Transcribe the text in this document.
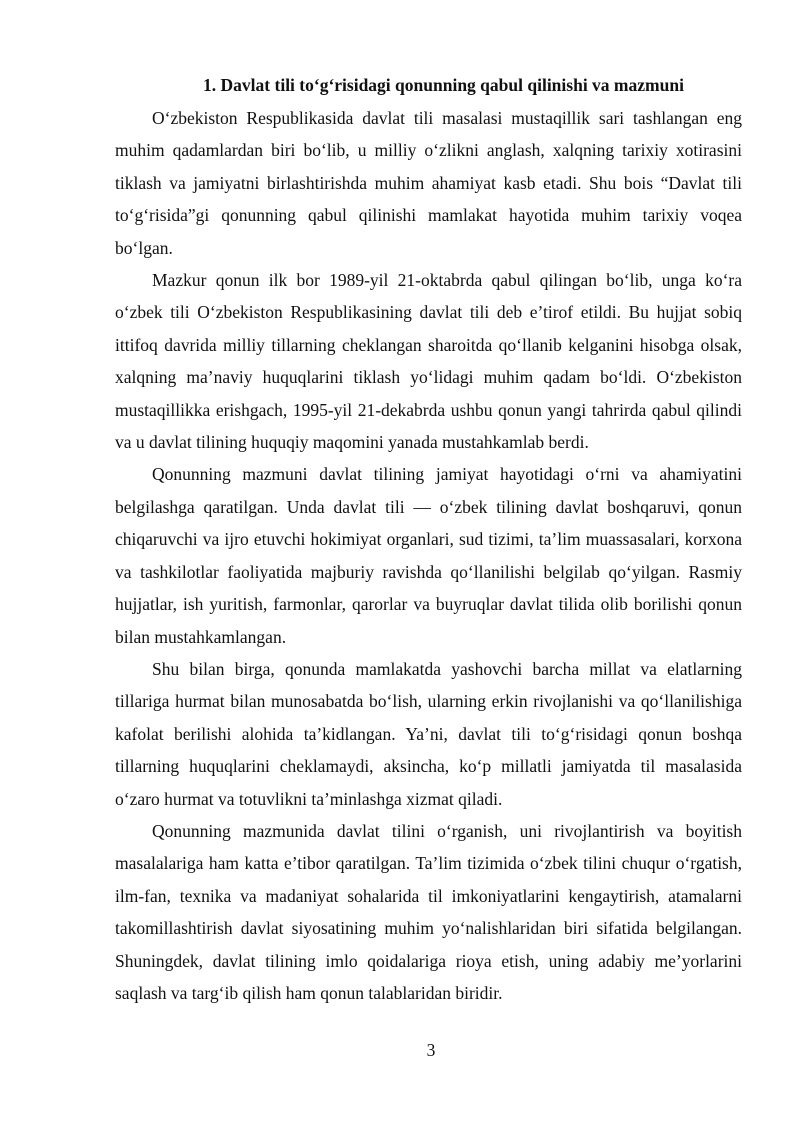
1. Davlat tili to‘g‘risidagi qonunning qabul qilinishi va mazmuni

O‘zbekiston Respublikasida davlat tili masalasi mustaqillik sari tashlangan eng muhim qadamlardan biri bo‘lib, u milliy o‘zlikni anglash, xalqning tarixiy xotirasini tiklash va jamiyatni birlashtirishda muhim ahamiyat kasb etadi. Shu bois “Davlat tili to‘g‘risida”gi qonunning qabul qilinishi mamlakat hayotida muhim tarixiy voqea bo‘lgan.

Mazkur qonun ilk bor 1989-yil 21-oktabrda qabul qilingan bo‘lib, unga ko‘ra o‘zbek tili O‘zbekiston Respublikasining davlat tili deb e’tirof etildi. Bu hujjat sobiq ittifoq davrida milliy tillarning cheklangan sharoitda qo‘llanib kelganini hisobga olsak, xalqning ma’naviy huquqlarini tiklash yo‘lidagi muhim qadam bo‘ldi. O‘zbekiston mustaqillikka erishgach, 1995-yil 21-dekabrda ushbu qonun yangi tahrirda qabul qilindi va u davlat tilining huquqiy maqomini yanada mustahkamlab berdi.

Qonunning mazmuni davlat tilining jamiyat hayotidagi o‘rni va ahamiyatini belgilashga qaratilgan. Unda davlat tili — o‘zbek tilining davlat boshqaruvi, qonun chiqaruvchi va ijro etuvchi hokimiyat organlari, sud tizimi, ta’lim muassasalari, korxona va tashkilotlar faoliyatida majburiy ravishda qo‘llanilishi belgilab qo‘yilgan. Rasmiy hujjatlar, ish yuritish, farmonlar, qarorlar va buyruqlar davlat tilida olib borilishi qonun bilan mustahkamlangan.

Shu bilan birga, qonunda mamlakatda yashovchi barcha millat va elatlarning tillariga hurmat bilan munosabatda bo‘lish, ularning erkin rivojlanishi va qo‘llanilishiga kafolat berilishi alohida ta’kidlangan. Ya’ni, davlat tili to‘g‘risidagi qonun boshqa tillarning huquqlarini cheklamaydi, aksincha, ko‘p millatli jamiyatda til masalasida o‘zaro hurmat va totuvlikni ta’minlashga xizmat qiladi.

Qonunning mazmunida davlat tilini o‘rganish, uni rivojlantirish va boyitish masalalariga ham katta e’tibor qaratilgan. Ta’lim tizimida o‘zbek tilini chuqur o‘rgatish, ilm-fan, texnika va madaniyat sohalarida til imkoniyatlarini kengaytirish, atamalarni takomillashtirish davlat siyosatining muhim yo‘nalishlaridan biri sifatida belgilangan. Shuningdek, davlat tilining imlo qoidalariga rioya etish, uning adabiy me’yorlarini saqlash va targ‘ib qilish ham qonun talablaridan biridir.

3
